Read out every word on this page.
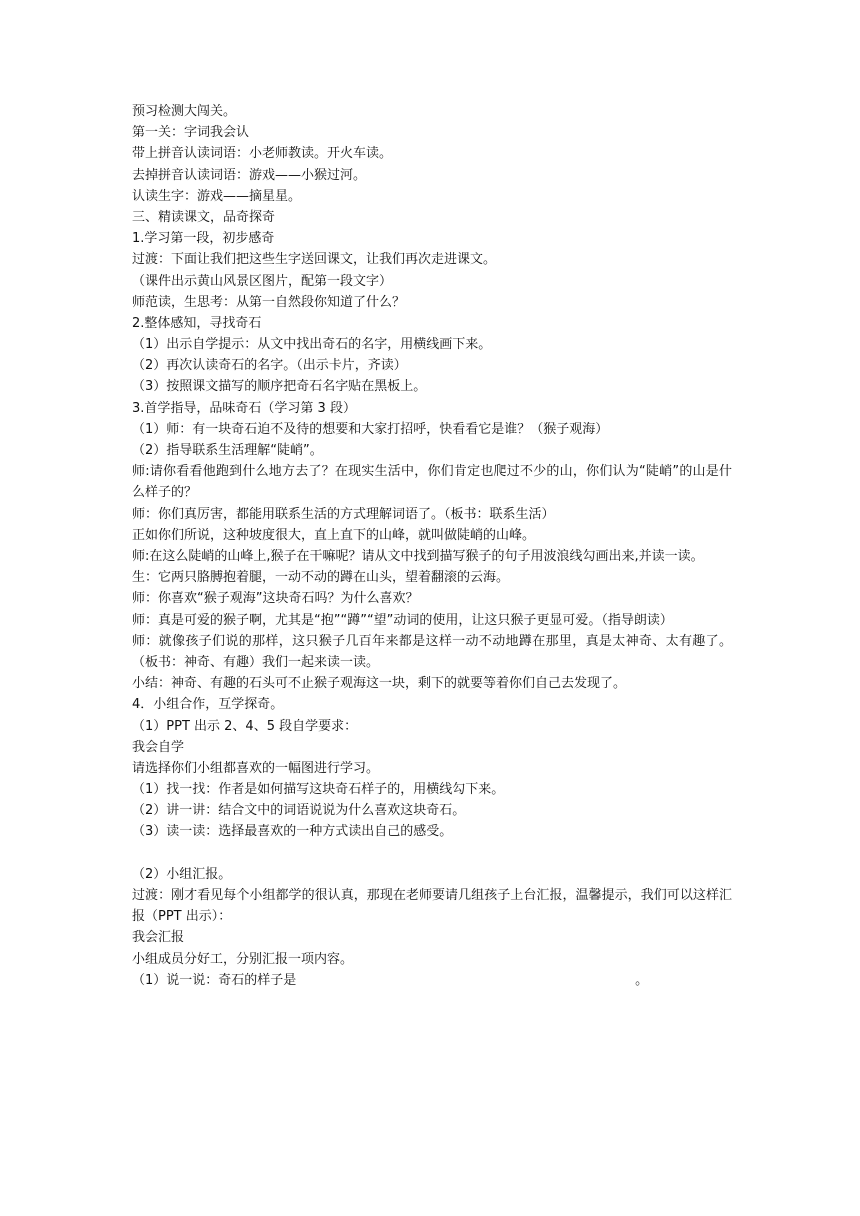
预习检测大闯关。
第一关：字词我会认
带上拼音认读词语：小老师教读。开火车读。
去掉拼音认读词语：游戏——小猴过河。
认读生字：游戏——摘星星。
三、精读课文，品奇探奇
1.学习第一段，初步感奇
过渡：下面让我们把这些生字送回课文，让我们再次走进课文。
（课件出示黄山风景区图片，配第一段文字）
师范读，生思考：从第一自然段你知道了什么？
2.整体感知，寻找奇石
（1）出示自学提示：从文中找出奇石的名字，用横线画下来。
（2）再次认读奇石的名字。（出示卡片，齐读）
（3）按照课文描写的顺序把奇石名字贴在黑板上。
3.首学指导，品味奇石（学习第 3 段）
（1）师：有一块奇石迫不及待的想要和大家打招呼，快看看它是谁？（猴子观海）
（2）指导联系生活理解“陡峭”。
师:请你看看他跑到什么地方去了？在现实生活中，你们肯定也爬过不少的山，你们认为“陡峭”的山是什么样子的？
师：你们真厉害，都能用联系生活的方式理解词语了。（板书：联系生活）
正如你们所说，这种坡度很大，直上直下的山峰，就叫做陡峭的山峰。
师:在这么陡峭的山峰上,猴子在干嘛呢？请从文中找到描写猴子的句子用波浪线勾画出来,并读一读。
生：它两只胳膊抱着腿，一动不动的蹲在山头，望着翻滚的云海。
师：你喜欢“猴子观海”这块奇石吗？为什么喜欢？
师：真是可爱的猴子啊，尤其是“抱”“蹲”“望”动词的使用，让这只猴子更显可爱。（指导朗读）
师：就像孩子们说的那样，这只猴子几百年来都是这样一动不动地蹲在那里，真是太神奇、太有趣了。（板书：神奇、有趣）我们一起来读一读。
小结：神奇、有趣的石头可不止猴子观海这一块，剩下的就要等着你们自己去发现了。
4．小组合作，互学探奇。
（1）PPT 出示 2、4、5 段自学要求：
我会自学
请选择你们小组都喜欢的一幅图进行学习。
（1）找一找：作者是如何描写这块奇石样子的，用横线勾下来。
（2）讲一讲：结合文中的词语说说为什么喜欢这块奇石。
（3）读一读：选择最喜欢的一种方式读出自己的感受。
（2）小组汇报。
过渡：刚才看见每个小组都学的很认真，那现在老师要请几组孩子上台汇报，温馨提示，我们可以这样汇报（PPT 出示）：
我会汇报
小组成员分好工，分别汇报一项内容。
（1）说一说：奇石的样子是                                                                                  。
